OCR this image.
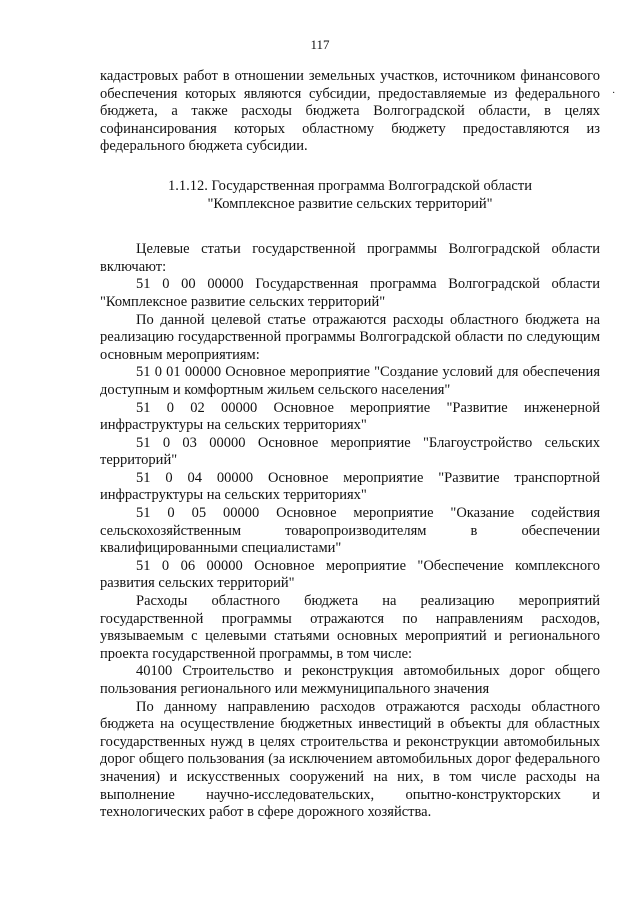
117
·

кадастровых работ в отношении земельных участков, источником финансового обеспечения которых являются субсидии, предоставляемые из федерального бюджета, а также расходы бюджета Волгоградской области, в целях софинансирования которых областному бюджету предоставляются из федерального бюджета субсидии.

1.1.12. Государственная программа Волгоградской области
"Комплексное развитие сельских территорий"

Целевые статьи государственной программы Волгоградской области включают:

51 0 00 00000 Государственная программа Волгоградской области "Комплексное развитие сельских территорий"

По данной целевой статье отражаются расходы областного бюджета на реализацию государственной программы Волгоградской области по следующим основным мероприятиям:

51 0 01 00000 Основное мероприятие "Создание условий для обеспечения доступным и комфортным жильем сельского населения"

51 0 02 00000 Основное мероприятие "Развитие инженерной инфраструктуры на сельских территориях"

51 0 03 00000 Основное мероприятие "Благоустройство сельских территорий"

51 0 04 00000 Основное мероприятие "Развитие транспортной инфраструктуры на сельских территориях"

51 0 05 00000 Основное мероприятие "Оказание содействия сельскохозяйственным товаропроизводителям в обеспечении квалифицированными специалистами"

51 0 06 00000 Основное мероприятие "Обеспечение комплексного развития сельских территорий"

Расходы областного бюджета на реализацию мероприятий государственной программы отражаются по направлениям расходов, увязываемым с целевыми статьями основных мероприятий и регионального проекта государственной программы, в том числе:

40100 Строительство и реконструкция автомобильных дорог общего пользования регионального или межмуниципального значения

По данному направлению расходов отражаются расходы областного бюджета на осуществление бюджетных инвестиций в объекты для областных государственных нужд в целях строительства и реконструкции автомобильных дорог общего пользования (за исключением автомобильных дорог федерального значения) и искусственных сооружений на них, в том числе расходы на выполнение научно-исследовательских, опытно-конструкторских и технологических работ в сфере дорожного хозяйства.
